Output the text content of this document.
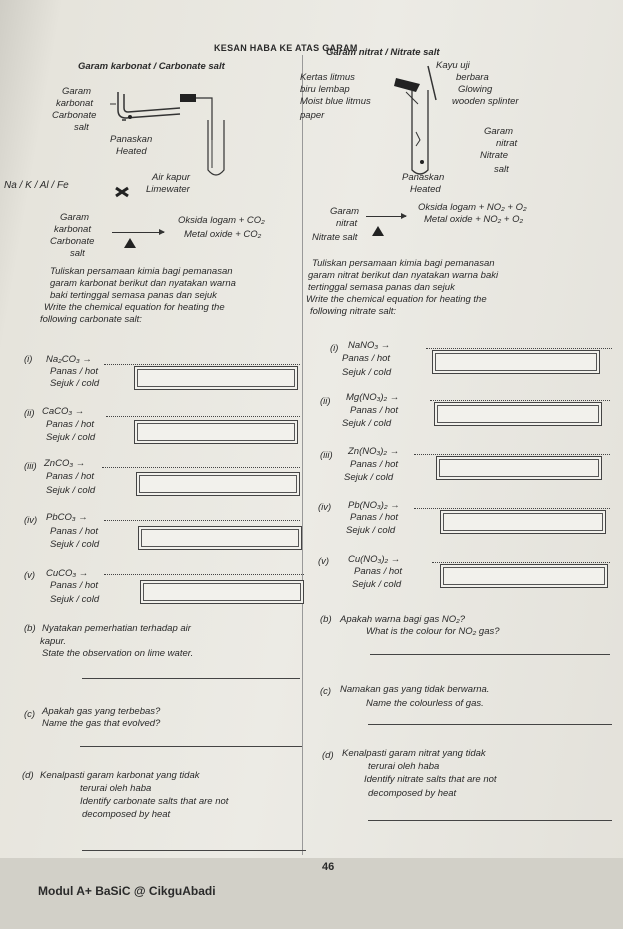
KESAN HABA KE ATAS GARAM
Garam karbonat / Carbonate salt
Garam nitrat / Nitrate salt
Garam
karbonat
Carbonate
salt
Panaskan
Heated
Na / K / Al / Fe
Air kapur
Limewater
Garam
karbonat
Carbonate
salt
Oksida logam + CO₂
Metal oxide + CO₂
Tuliskan persamaan kimia bagi pemanasan
garam karbonat berikut dan nyatakan warna
baki tertinggal semasa panas dan sejuk
Write the chemical equation for heating the
following carbonate salt:
(i) Na₂CO₃ →
Panas / hot
Sejuk / cold
(ii) CaCO₃ →
Panas / hot
Sejuk / cold
(iii) ZnCO₃ →
Panas / hot
Sejuk / cold
(iv) PbCO₃ →
Panas / hot
Sejuk / cold
(v) CuCO₃ →
Panas / hot
Sejuk / cold
(b) Nyatakan pemerhatian terhadap air
kapur.
State the observation on lime water.
(c) Apakah gas yang terbebas?
Name the gas that evolved?
(d) Kenalpasti garam karbonat yang tidak
terurai oleh haba
Identify carbonate salts that are not
decomposed by heat
Kertas litmus
biru lembap
Moist blue litmus
paper
Kayu uji
berbara
Glowing
wooden splinter
Garam
nitrat
Nitrate
salt
Panaskan
Heated
Garam
nitrat
Nitrate salt
Oksida logam + NO₂ + O₂
Metal oxide + NO₂ + O₂
Tuliskan persamaan kimia bagi pemanasan
garam nitrat berikut dan nyatakan warna baki
tertinggal semasa panas dan sejuk
Write the chemical equation for heating the
following nitrate salt:
(i) NaNO₃ →
Panas / hot
Sejuk / cold
(ii) Mg(NO₃)₂ →
Panas / hot
Sejuk / cold
(iii) Zn(NO₃)₂ →
Panas / hot
Sejuk / cold
(iv) Pb(NO₃)₂ →
Panas / hot
Sejuk / cold
(v) Cu(NO₃)₂ →
Panas / hot
Sejuk / cold
(b) Apakah warna bagi gas NO₂?
What is the colour for NO₂ gas?
(c) Namakan gas yang tidak berwarna.
Name the colourless of gas.
(d) Kenalpasti garam nitrat yang tidak
terurai oleh haba
Identify nitrate salts that are not
decomposed by heat
46
Modul A+ BaSiC @ CikguAbadi
